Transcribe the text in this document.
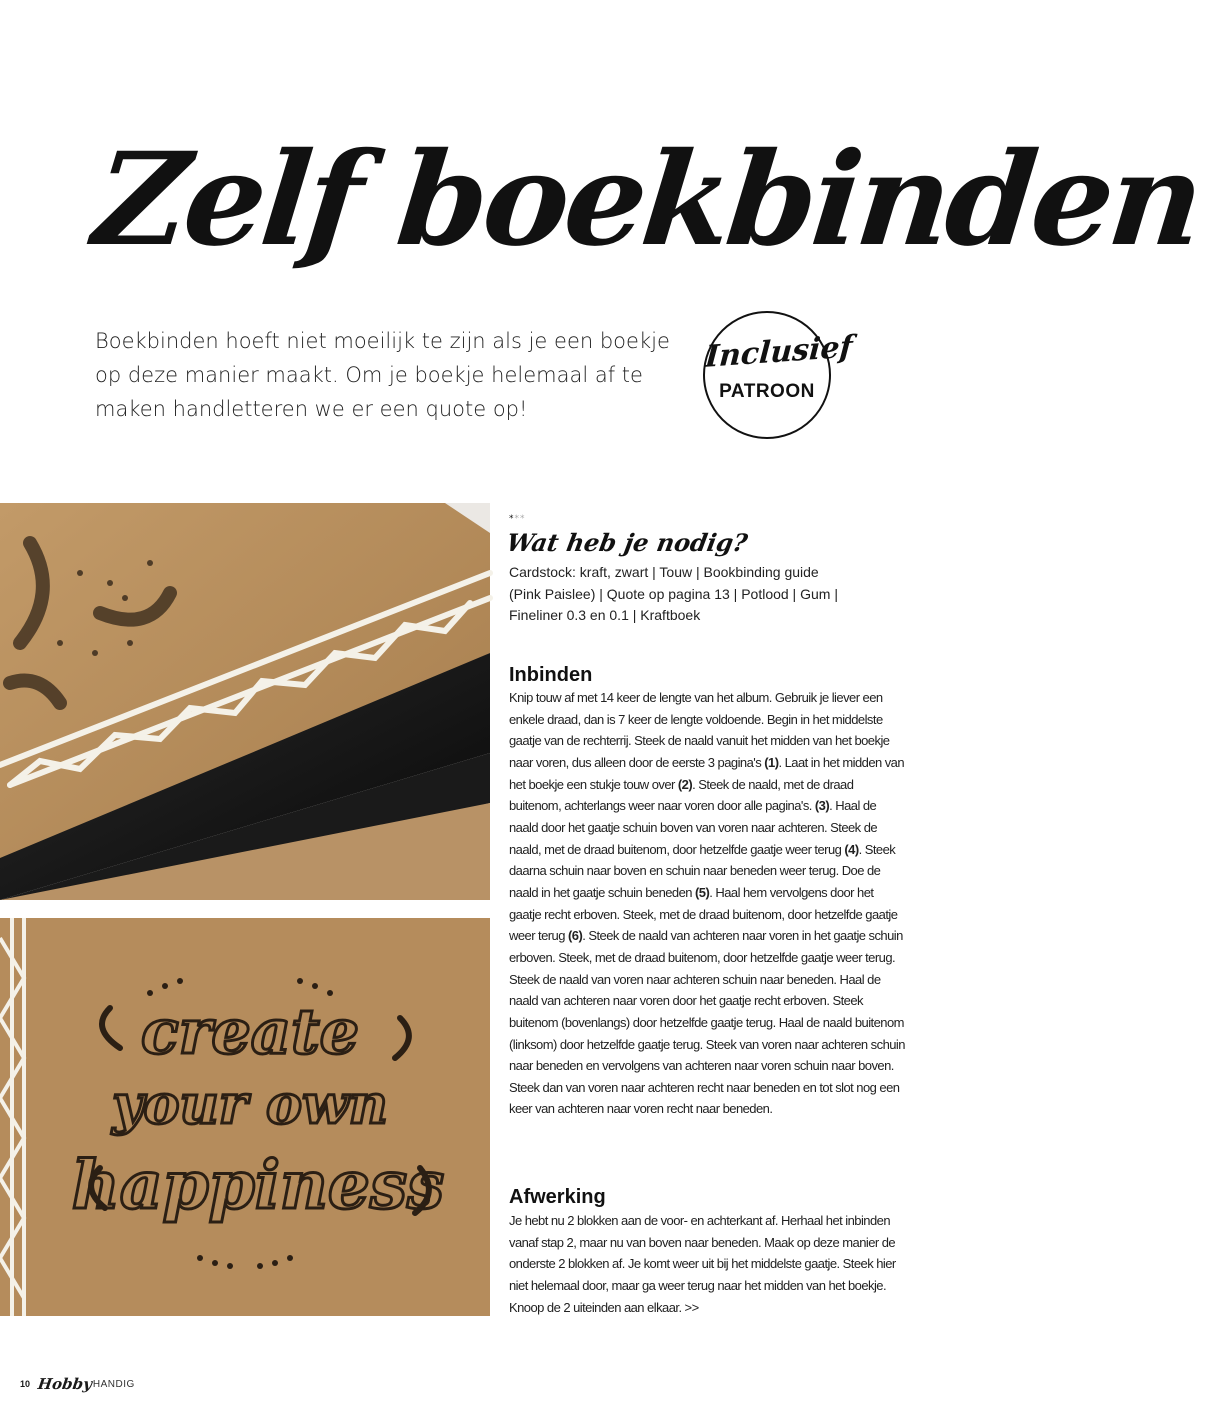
Zelf boekbinden

Boekbinden hoeft niet moeilijk te zijn als je een boekje op deze manier maakt. Om je boekje helemaal af te maken handletteren we er een quote op!

Inclusief
PATROON
create
your own
happiness
***
Wat heb je nodig?

Cardstock: kraft, zwart | Touw | Bookbinding guide (Pink Paislee) | Quote op pagina 13 | Potlood | Gum | Fineliner 0.3 en 0.1 | Kraftboek

Inbinden

Knip touw af met 14 keer de lengte van het album. Gebruik je liever een enkele draad, dan is 7 keer de lengte voldoende. Begin in het middelste gaatje van de rechterrij. Steek de naald vanuit het midden van het boekje naar voren, dus alleen door de eerste 3 pagina's (1). Laat in het midden van het boekje een stukje touw over (2). Steek de naald, met de draad buitenom, achterlangs weer naar voren door alle pagina's. (3). Haal de naald door het gaatje schuin boven van voren naar achteren. Steek de naald, met de draad buitenom, door hetzelfde gaatje weer terug (4). Steek daarna schuin naar boven en schuin naar beneden weer terug. Doe de naald in het gaatje schuin beneden (5). Haal hem vervolgens door het gaatje recht erboven. Steek, met de draad buitenom, door hetzelfde gaatje weer terug (6). Steek de naald van achteren naar voren in het gaatje schuin erboven. Steek, met de draad buitenom, door hetzelfde gaatje weer terug. Steek de naald van voren naar achteren schuin naar beneden. Haal de naald van achteren naar voren door het gaatje recht erboven. Steek buitenom (bovenlangs) door hetzelfde gaatje terug. Haal de naald buitenom (linksom) door hetzelfde gaatje terug. Steek van voren naar achteren schuin naar beneden en vervolgens van achteren naar voren schuin naar boven. Steek dan van voren naar achteren recht naar beneden en tot slot nog een keer van achteren naar voren recht naar beneden.

Afwerking

Je hebt nu 2 blokken aan de voor- en achterkant af. Herhaal het inbinden vanaf stap 2, maar nu van boven naar beneden. Maak op deze manier de onderste 2 blokken af. Je komt weer uit bij het middelste gaatje. Steek hier niet helemaal door, maar ga weer terug naar het midden van het boekje. Knoop de 2 uiteinden aan elkaar. >>

10 Hobby HANDIG
